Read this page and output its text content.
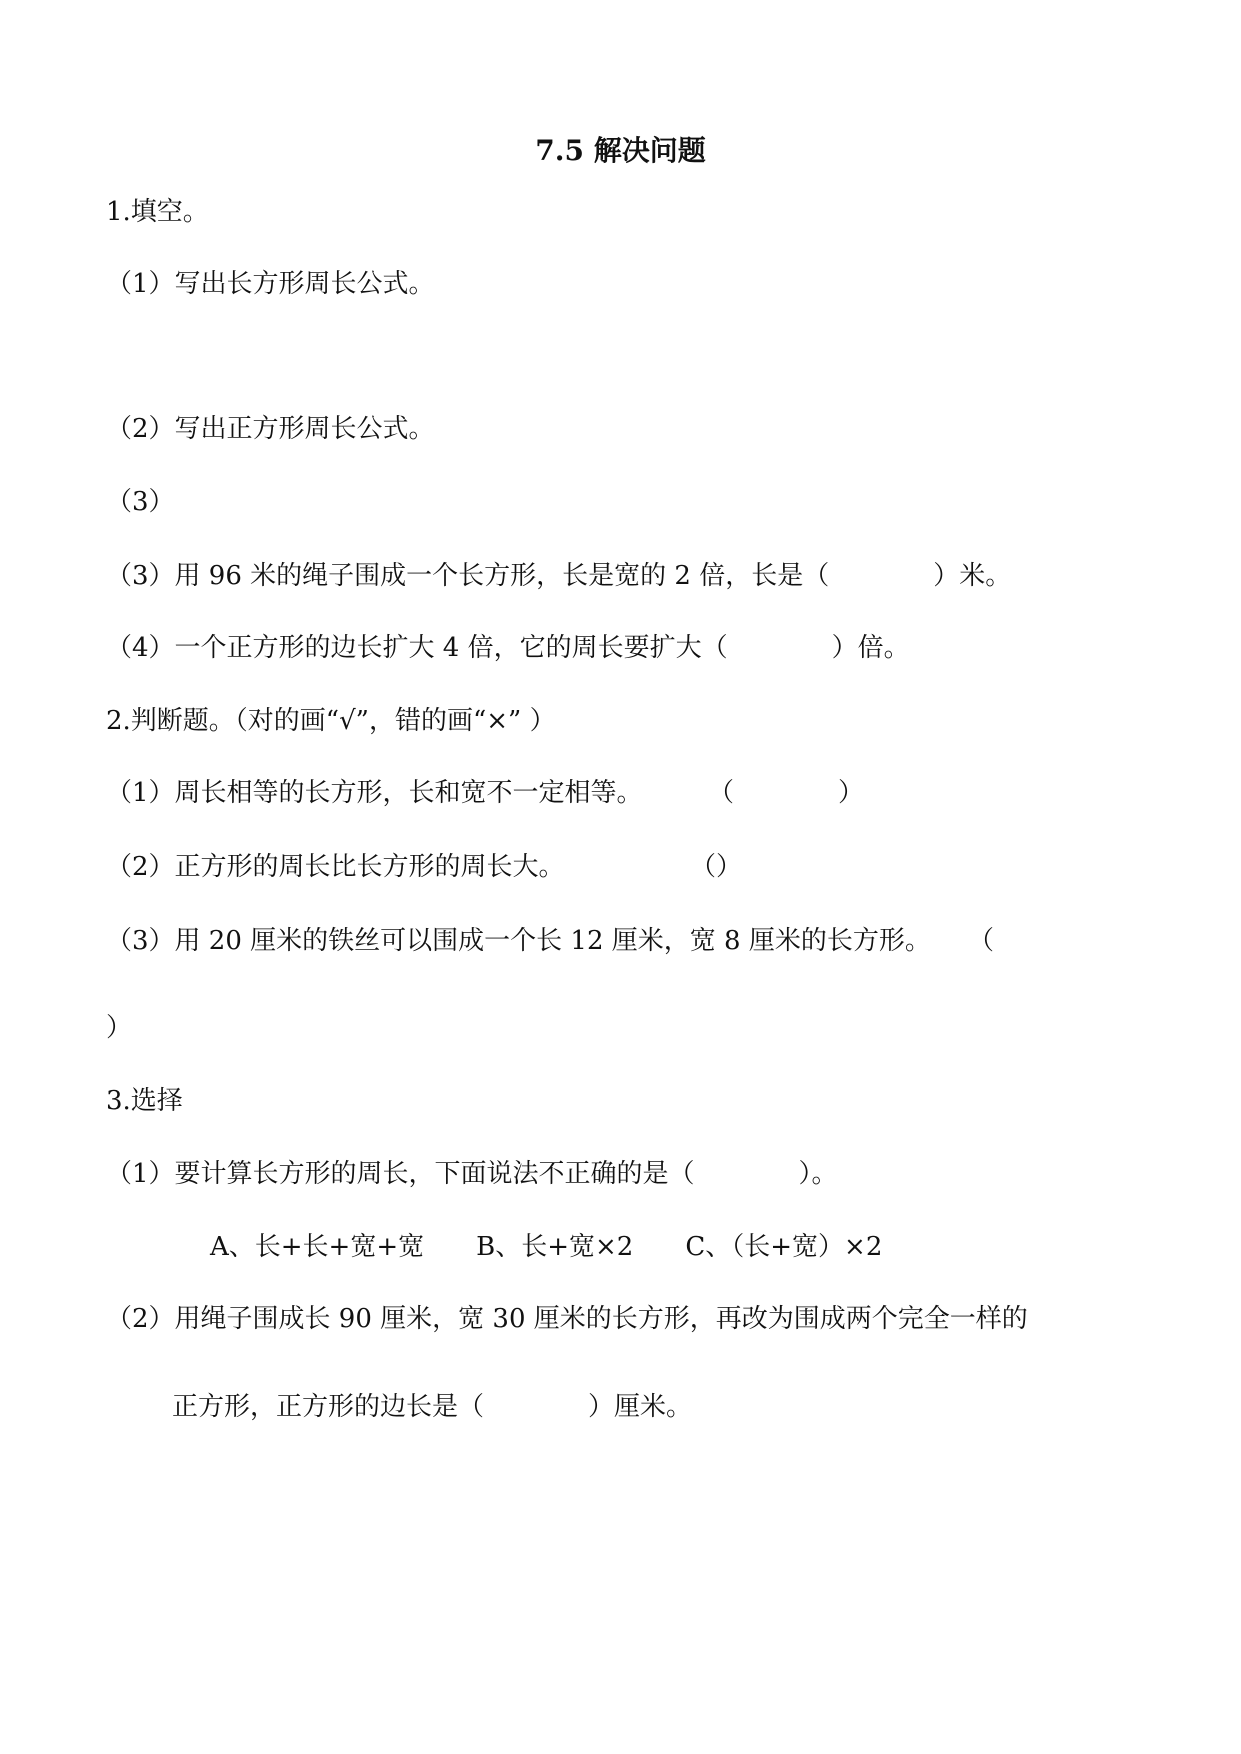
7.5 解决问题
1.填空。
（1）写出长方形周长公式。
（2）写出正方形周长公式。
（3）
（3）用 96 米的绳子围成一个长方形，长是宽的 2 倍，长是（　　　　）米。
（4）一个正方形的边长扩大 4 倍，它的周长要扩大（　　　　）倍。
2.判断题。（对的画“√”，错的画“×” ）
（1）周长相等的长方形，长和宽不一定相等。	（　　　　）
（2）正方形的周长比长方形的周长大。	（）
（3）用 20 厘米的铁丝可以围成一个长 12 厘米，宽 8 厘米的长方形。 （
）
3.选择
（1）要计算长方形的周长，下面说法不正确的是（　　　　）。
A、长+长+宽+宽　　B、长+宽×2　　C、（长+宽）×2
（2）用绳子围成长 90 厘米，宽 30 厘米的长方形，再改为围成两个完全一样的
正方形，正方形的边长是（　　　　）厘米。
